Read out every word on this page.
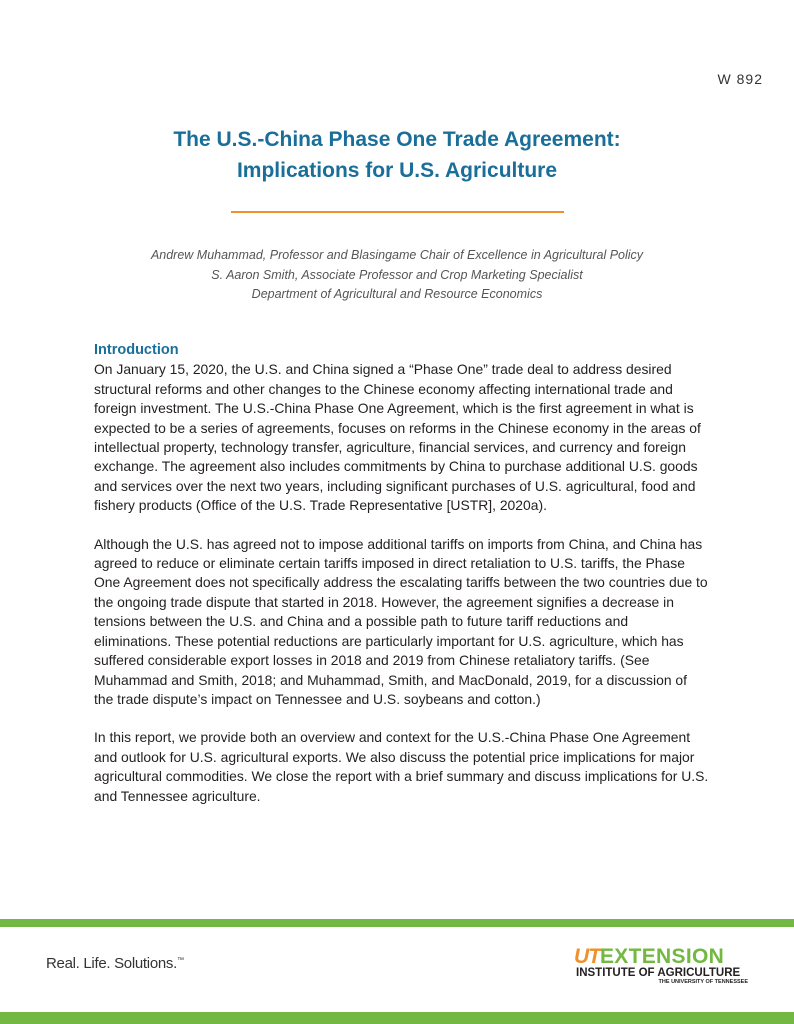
W 892
The U.S.-China Phase One Trade Agreement:
Implications for U.S. Agriculture
Andrew Muhammad, Professor and Blasingame Chair of Excellence in Agricultural Policy
S. Aaron Smith, Associate Professor and Crop Marketing Specialist
Department of Agricultural and Resource Economics
Introduction

On January 15, 2020, the U.S. and China signed a “Phase One” trade deal to address desired structural reforms and other changes to the Chinese economy affecting international trade and foreign investment. The U.S.-China Phase One Agreement, which is the first agreement in what is expected to be a series of agreements, focuses on reforms in the Chinese economy in the areas of intellectual property, technology transfer, agriculture, financial services, and currency and foreign exchange. The agreement also includes commitments by China to purchase additional U.S. goods and services over the next two years, including significant purchases of U.S. agricultural, food and fishery products (Office of the U.S. Trade Representative [USTR], 2020a).

Although the U.S. has agreed not to impose additional tariffs on imports from China, and China has agreed to reduce or eliminate certain tariffs imposed in direct retaliation to U.S. tariffs, the Phase One Agreement does not specifically address the escalating tariffs between the two countries due to the ongoing trade dispute that started in 2018. However, the agreement signifies a decrease in tensions between the U.S. and China and a possible path to future tariff reductions and eliminations. These potential reductions are particularly important for U.S. agriculture, which has suffered considerable export losses in 2018 and 2019 from Chinese retaliatory tariffs. (See Muhammad and Smith, 2018; and Muhammad, Smith, and MacDonald, 2019, for a discussion of the trade dispute’s impact on Tennessee and U.S. soybeans and cotton.)

In this report, we provide both an overview and context for the U.S.-China Phase One Agreement and outlook for U.S. agricultural exports. We also discuss the potential price implications for major agricultural commodities. We close the report with a brief summary and discuss implications for U.S. and Tennessee agriculture.

Real. Life. Solutions.™	UTEXTENSION
INSTITUTE OF AGRICULTURE
THE UNIVERSITY OF TENNESSEE
